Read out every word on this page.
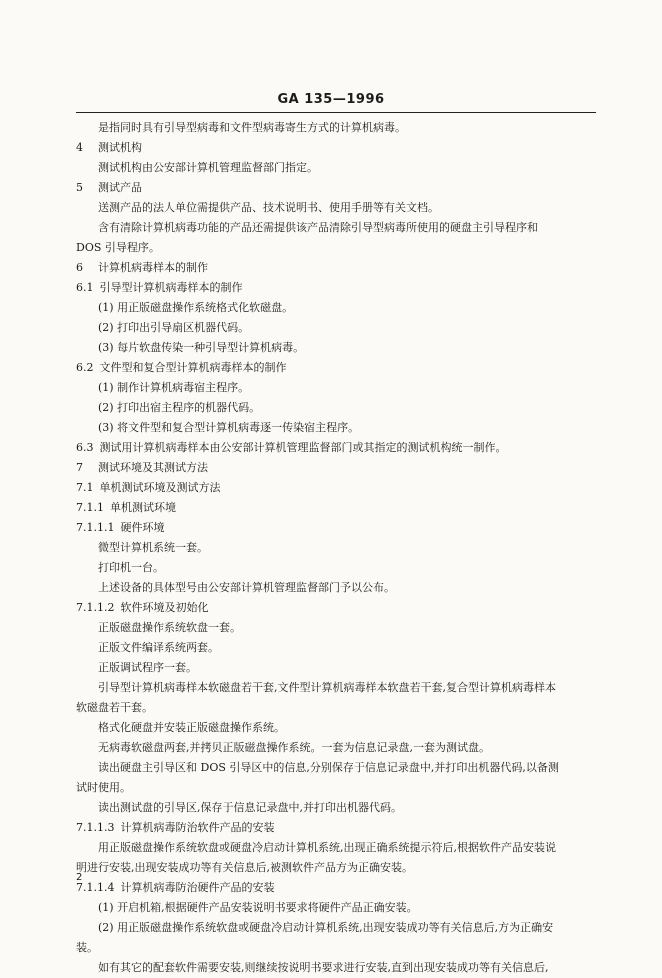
GA 135—1996
是指同时具有引导型病毒和文件型病毒寄生方式的计算机病毒。
4 测试机构
测试机构由公安部计算机管理监督部门指定。
5 测试产品
送测产品的法人单位需提供产品、技术说明书、使用手册等有关文档。
含有清除计算机病毒功能的产品还需提供该产品清除引导型病毒所使用的硬盘主引导程序和
DOS 引导程序。
6 计算机病毒样本的制作
6.1 引导型计算机病毒样本的制作
(1) 用正版磁盘操作系统格式化软磁盘。
(2) 打印出引导扇区机器代码。
(3) 每片软盘传染一种引导型计算机病毒。
6.2 文件型和复合型计算机病毒样本的制作
(1) 制作计算机病毒宿主程序。
(2) 打印出宿主程序的机器代码。
(3) 将文件型和复合型计算机病毒逐一传染宿主程序。
6.3 测试用计算机病毒样本由公安部计算机管理监督部门或其指定的测试机构统一制作。
7 测试环境及其测试方法
7.1 单机测试环境及测试方法
7.1.1 单机测试环境
7.1.1.1 硬件环境
微型计算机系统一套。
打印机一台。
上述设备的具体型号由公安部计算机管理监督部门予以公布。
7.1.1.2 软件环境及初始化
正版磁盘操作系统软盘一套。
正版文件编译系统两套。
正版调试程序一套。
引导型计算机病毒样本软磁盘若干套,文件型计算机病毒样本软盘若干套,复合型计算机病毒样本
软磁盘若干套。
格式化硬盘并安装正版磁盘操作系统。
无病毒软磁盘两套,并拷贝正版磁盘操作系统。一套为信息记录盘,一套为测试盘。
读出硬盘主引导区和 DOS 引导区中的信息,分别保存于信息记录盘中,并打印出机器代码,以备测
试时使用。
读出测试盘的引导区,保存于信息记录盘中,并打印出机器代码。
7.1.1.3 计算机病毒防治软件产品的安装
用正版磁盘操作系统软盘或硬盘冷启动计算机系统,出现正确系统提示符后,根据软件产品安装说
明进行安装,出现安装成功等有关信息后,被测软件产品方为正确安装。
7.1.1.4 计算机病毒防治硬件产品的安装
(1) 开启机箱,根据硬件产品安装说明书要求将硬件产品正确安装。
(2) 用正版磁盘操作系统软盘或硬盘冷启动计算机系统,出现安装成功等有关信息后,方为正确安
装。
如有其它的配套软件需要安装,则继续按说明书要求进行安装,直到出现安装成功等有关信息后,
2
